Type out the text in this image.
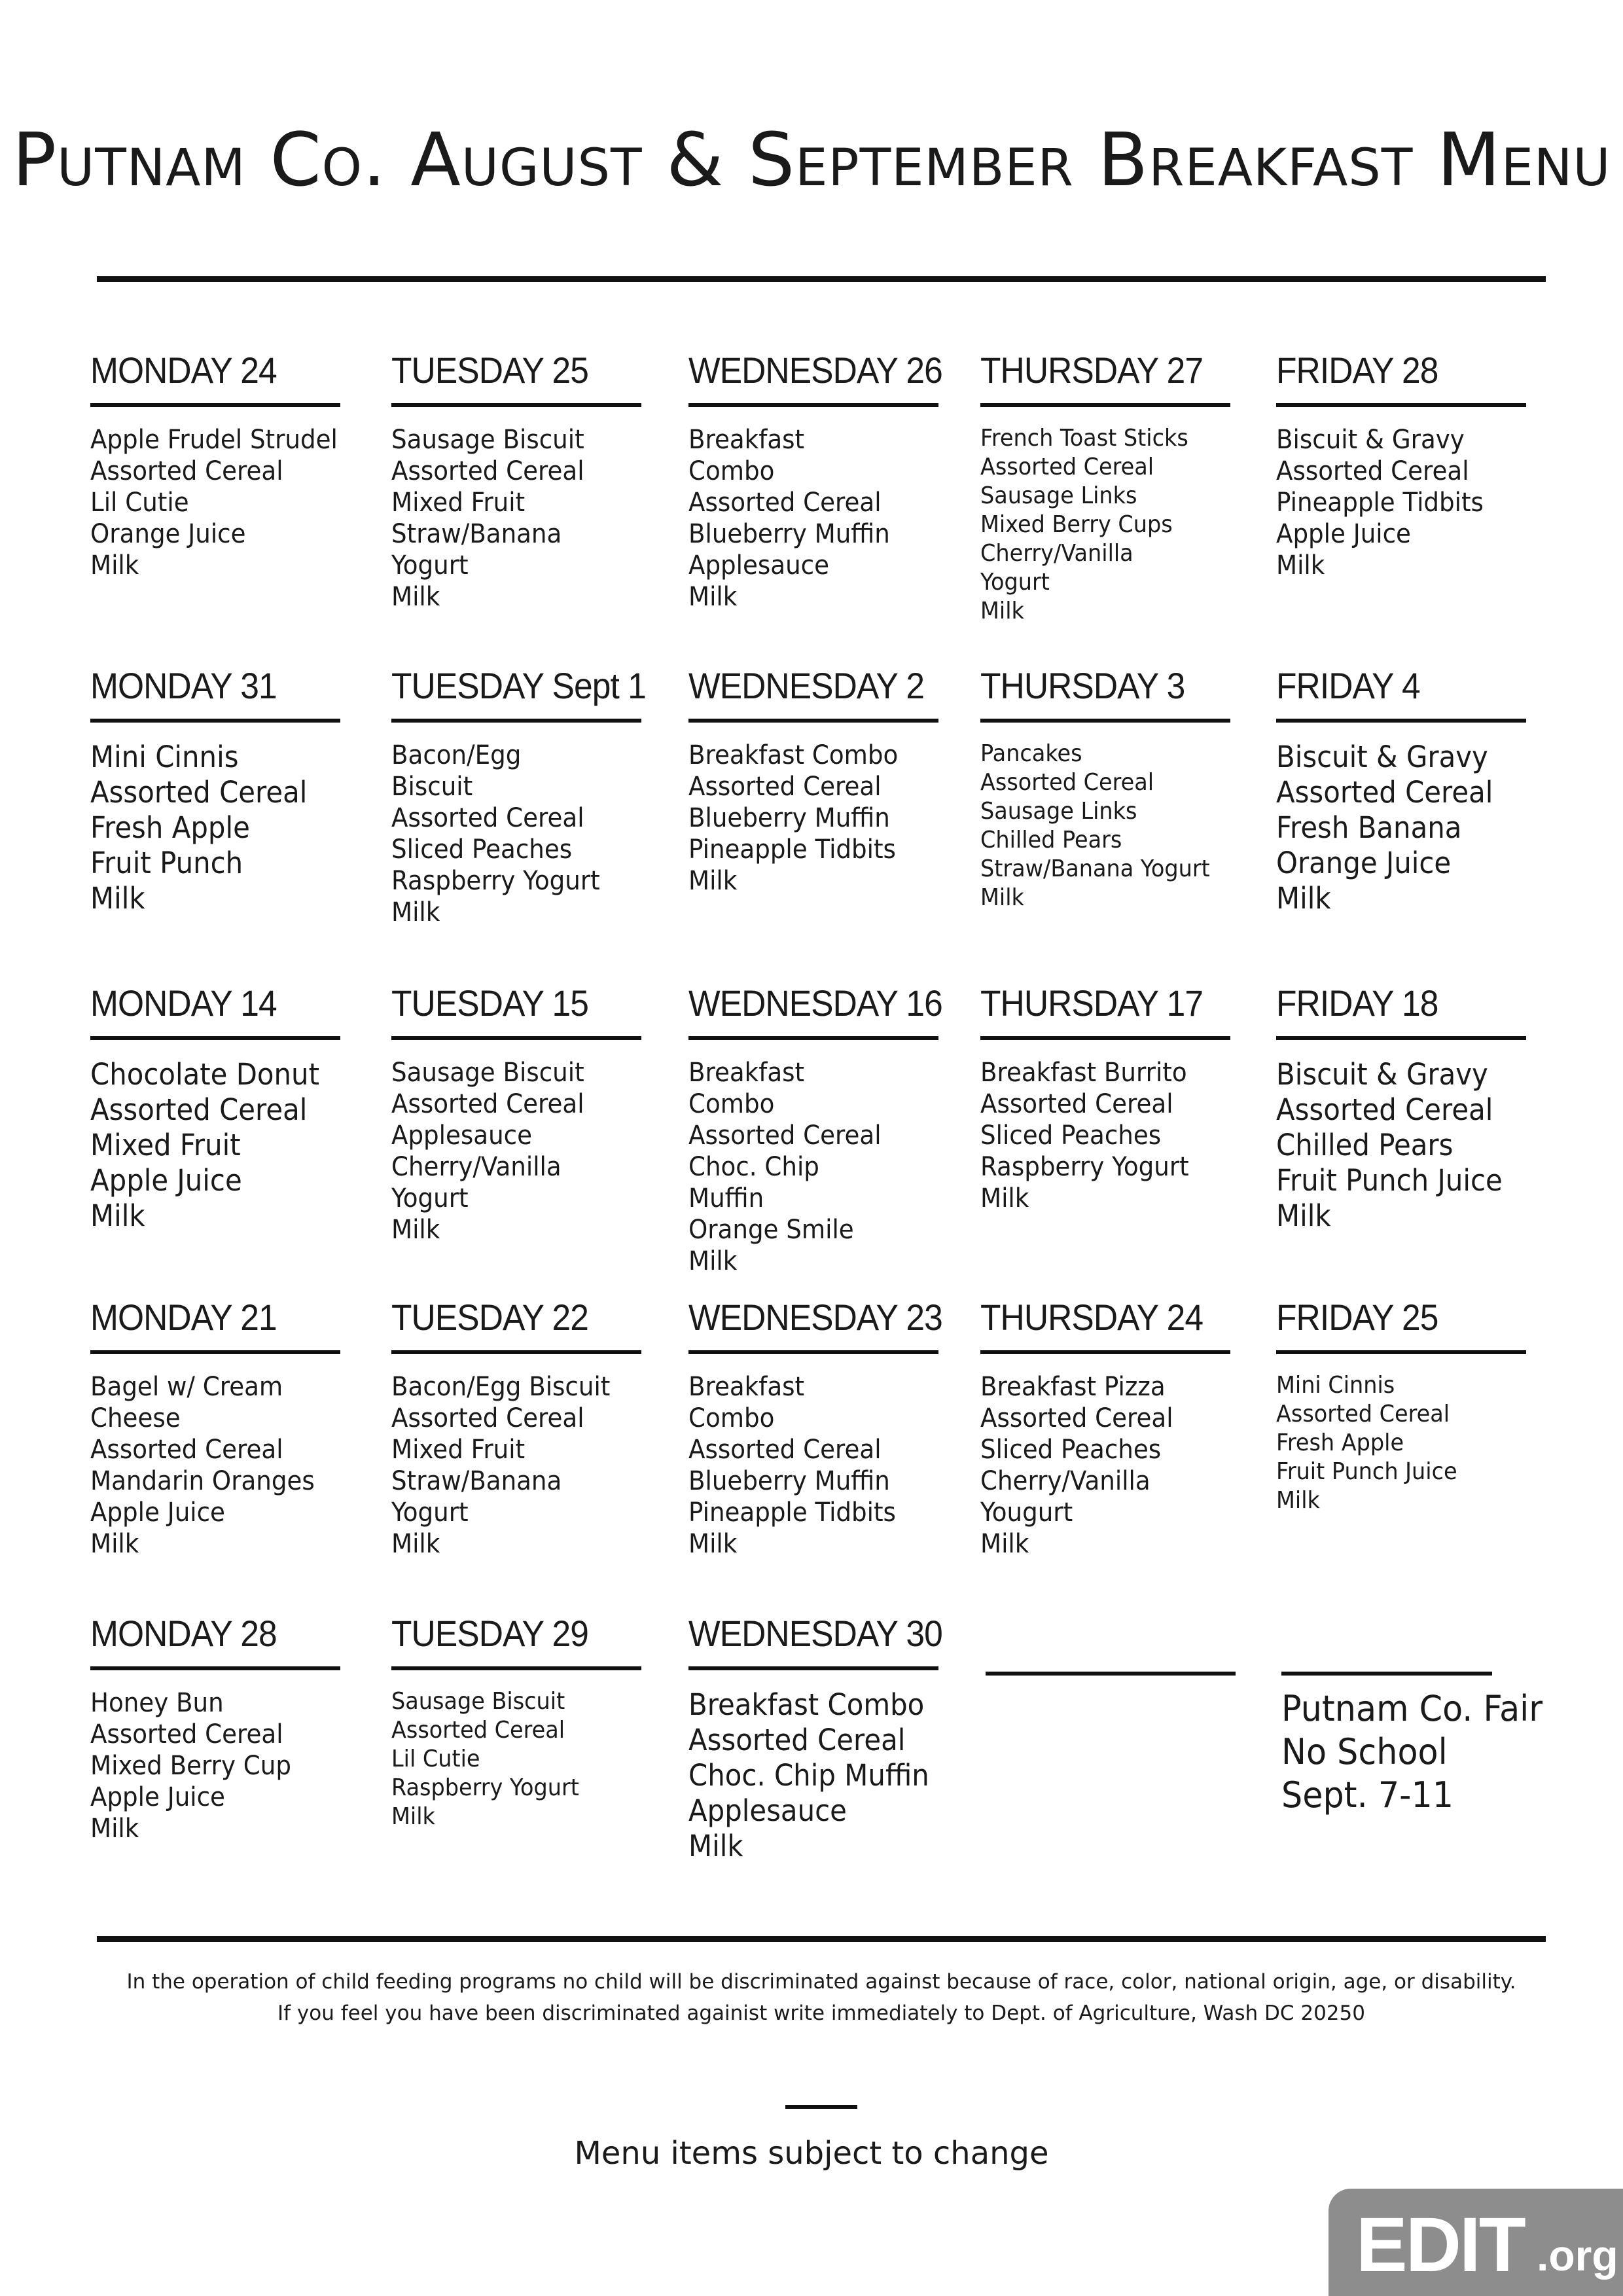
Putnam Co. August & September Breakfast Menu
MONDAY 24
Apple Frudel Strudel
Assorted Cereal
Lil Cutie
Orange Juice
Milk
TUESDAY 25
Sausage Biscuit
Assorted Cereal
Mixed Fruit
Straw/Banana
Yogurt
Milk
WEDNESDAY 26
Breakfast
Combo
Assorted Cereal
Blueberry Muffin
Applesauce
Milk
THURSDAY 27
French Toast Sticks
Assorted Cereal
Sausage Links
Mixed Berry Cups
Cherry/Vanilla
Yogurt
Milk
FRIDAY 28
Biscuit & Gravy
Assorted Cereal
Pineapple Tidbits
Apple Juice
Milk
MONDAY 31
Mini Cinnis
Assorted Cereal
Fresh Apple
Fruit Punch
Milk
TUESDAY Sept 1
Bacon/Egg
Biscuit
Assorted Cereal
Sliced Peaches
Raspberry Yogurt
Milk
WEDNESDAY 2
Breakfast Combo
Assorted Cereal
Blueberry Muffin
Pineapple Tidbits
Milk
THURSDAY 3
Pancakes
Assorted Cereal
Sausage Links
Chilled Pears
Straw/Banana Yogurt
Milk
FRIDAY 4
Biscuit & Gravy
Assorted Cereal
Fresh Banana
Orange Juice
Milk
MONDAY 14
Chocolate Donut
Assorted Cereal
Mixed Fruit
Apple Juice
Milk
TUESDAY 15
Sausage Biscuit
Assorted Cereal
Applesauce
Cherry/Vanilla
Yogurt
Milk
WEDNESDAY 16
Breakfast
Combo
Assorted Cereal
Choc. Chip
Muffin
Orange Smile
Milk
THURSDAY 17
Breakfast Burrito
Assorted Cereal
Sliced Peaches
Raspberry Yogurt
Milk
FRIDAY 18
Biscuit & Gravy
Assorted Cereal
Chilled Pears
Fruit Punch Juice
Milk
MONDAY 21
Bagel w/ Cream
Cheese
Assorted Cereal
Mandarin Oranges
Apple Juice
Milk
TUESDAY 22
Bacon/Egg Biscuit
Assorted Cereal
Mixed Fruit
Straw/Banana
Yogurt
Milk
WEDNESDAY 23
Breakfast
Combo
Assorted Cereal
Blueberry Muffin
Pineapple Tidbits
Milk
THURSDAY 24
Breakfast Pizza
Assorted Cereal
Sliced Peaches
Cherry/Vanilla
Yougurt
Milk
FRIDAY 25
Mini Cinnis
Assorted Cereal
Fresh Apple
Fruit Punch Juice
Milk
MONDAY 28
Honey Bun
Assorted Cereal
Mixed Berry Cup
Apple Juice
Milk
TUESDAY 29
Sausage Biscuit
Assorted Cereal
Lil Cutie
Raspberry Yogurt
Milk
WEDNESDAY 30
Breakfast Combo
Assorted Cereal
Choc. Chip Muffin
Applesauce
Milk
Putnam Co. Fair
No School
Sept. 7-11

In the operation of child feeding programs no child will be discriminated against because of race, color, national origin, age, or disability. If you feel you have been discriminated againist write immediately to Dept. of Agriculture, Wash DC 20250

Menu items subject to change

EDIT .org
